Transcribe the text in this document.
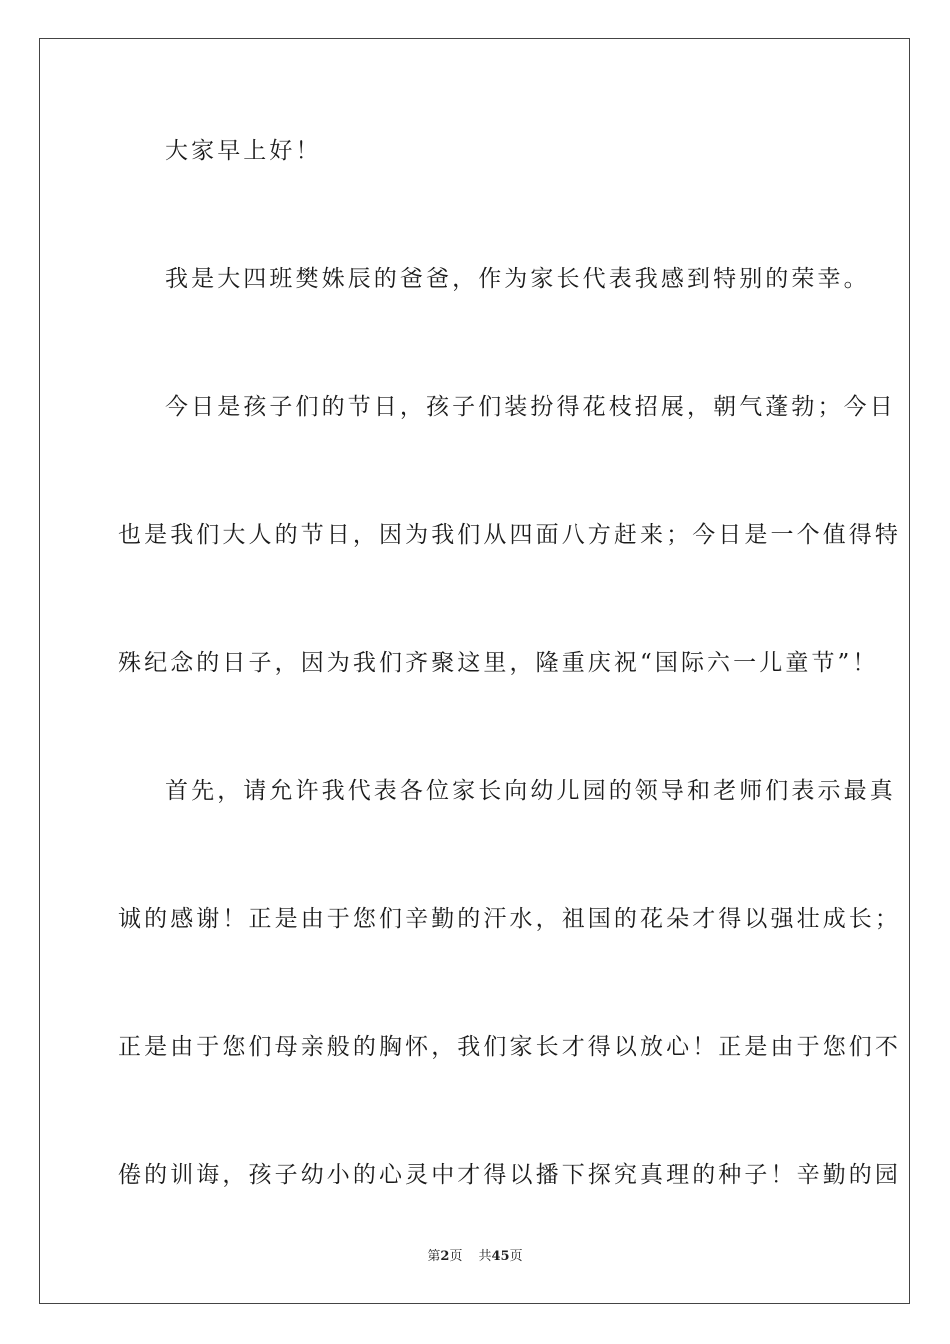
大家早上好！
我是大四班樊姝辰的爸爸，作为家长代表我感到特别的荣幸。
今日是孩子们的节日，孩子们装扮得花枝招展，朝气蓬勃；今日
也是我们大人的节日，因为我们从四面八方赶来；今日是一个值得特
殊纪念的日子，因为我们齐聚这里，隆重庆祝“国际六一儿童节”！
首先，请允许我代表各位家长向幼儿园的领导和老师们表示最真
诚的感谢！正是由于您们辛勤的汗水，祖国的花朵才得以强壮成长；
正是由于您们母亲般的胸怀，我们家长才得以放心！正是由于您们不
倦的训诲，孩子幼小的心灵中才得以播下探究真理的种子！辛勤的园
第2页 共45页
